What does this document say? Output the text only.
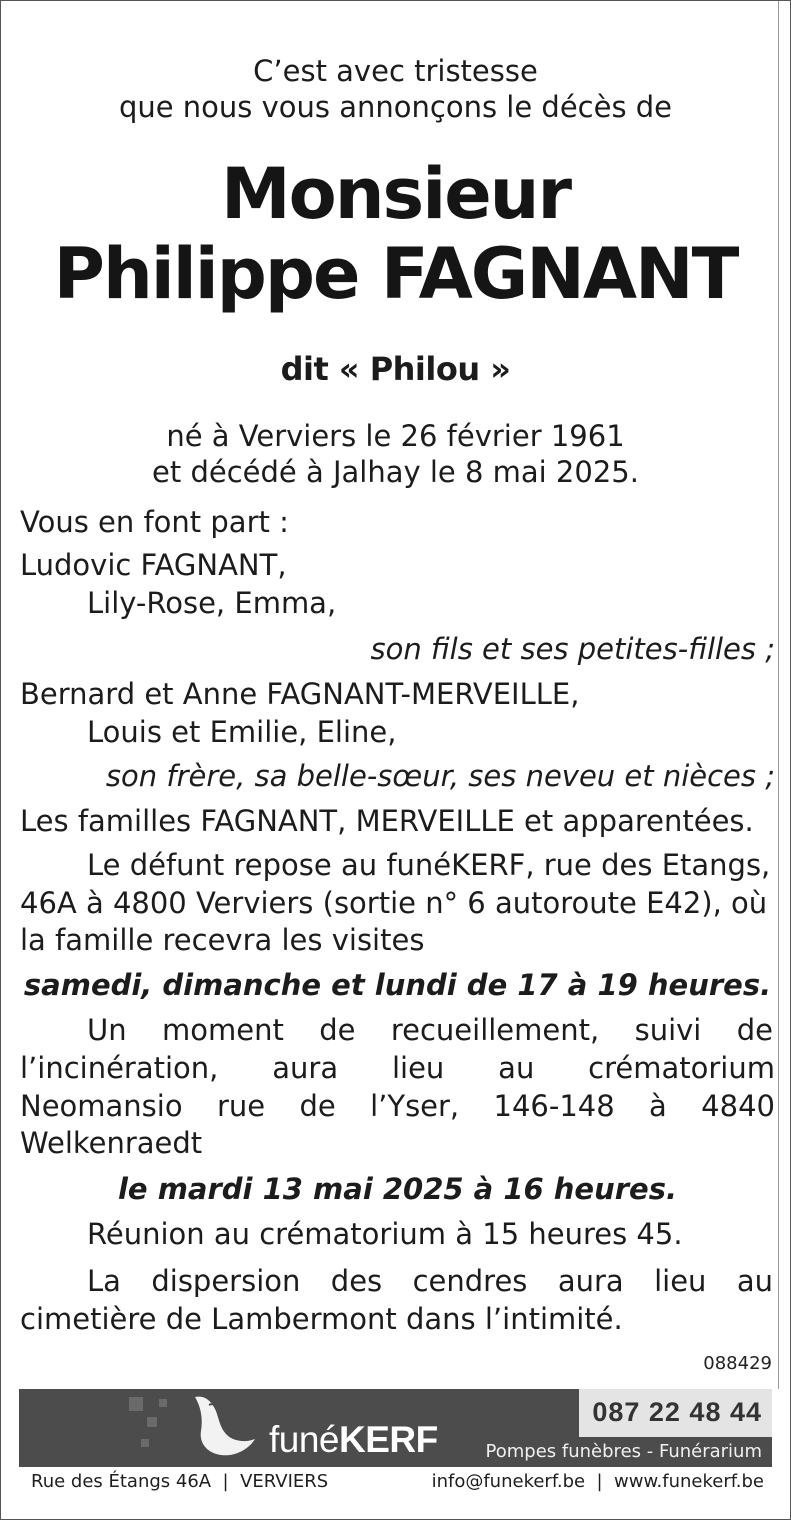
C’est avec tristesse
que nous vous annonçons le décès de
Monsieur
Philippe FAGNANT
dit « Philou »
né à Verviers le 26 février 1961
et décédé à Jalhay le 8 mai 2025.
Vous en font part :
Ludovic FAGNANT,
Lily-Rose, Emma,
son fils et ses petites-filles ;
Bernard et Anne FAGNANT-MERVEILLE,
Louis et Emilie, Eline,
son frère, sa belle-sœur, ses neveu et nièces ;
Les familles FAGNANT, MERVEILLE et apparentées.
Le défunt repose au funéKERF, rue des Etangs,
46A à 4800 Verviers (sortie n° 6 autoroute E42), où
la famille recevra les visites
samedi, dimanche et lundi de 17 à 19 heures.
Un moment de recueillement, suivi de
l’incinération, aura lieu au crématorium
Neomansio rue de l’Yser, 146-148 à 4840
Welkenraedt
le mardi 13 mai 2025 à 16 heures.
Réunion au crématorium à 15 heures 45.
La dispersion des cendres aura lieu au
cimetière de Lambermont dans l’intimité.
088429
funéKERF
087 22 48 44
Pompes funèbres - Funérarium
Rue des Étangs 46A  |  VERVIERS	info@funekerf.be  |  www.funekerf.be
